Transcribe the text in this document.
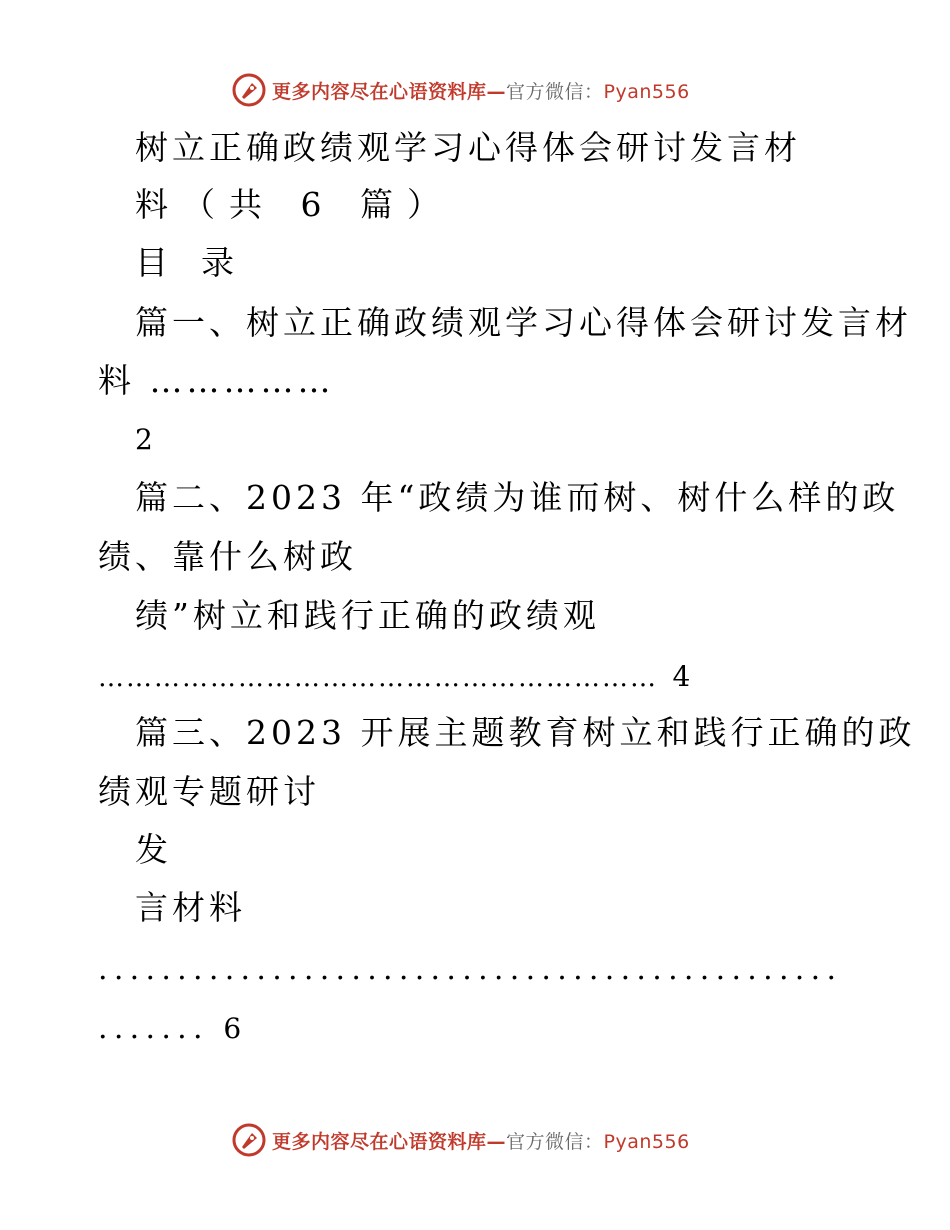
更多内容尽在心语资料库—官方微信：Pyan556
树立正确政绩观学习心得体会研讨发言材
料（共 6 篇）
目  录
篇一、树立正确政绩观学习心得体会研讨发言材
料 ……………
2
篇二、2023 年“政绩为谁而树、树什么样的政
绩、靠什么树政
绩”树立和践行正确的政绩观
…………………………………………………… 4
篇三、2023 开展主题教育树立和践行正确的政
绩观专题研讨
发
言材料
...............................................
....... 6
更多内容尽在心语资料库—官方微信：Pyan556
